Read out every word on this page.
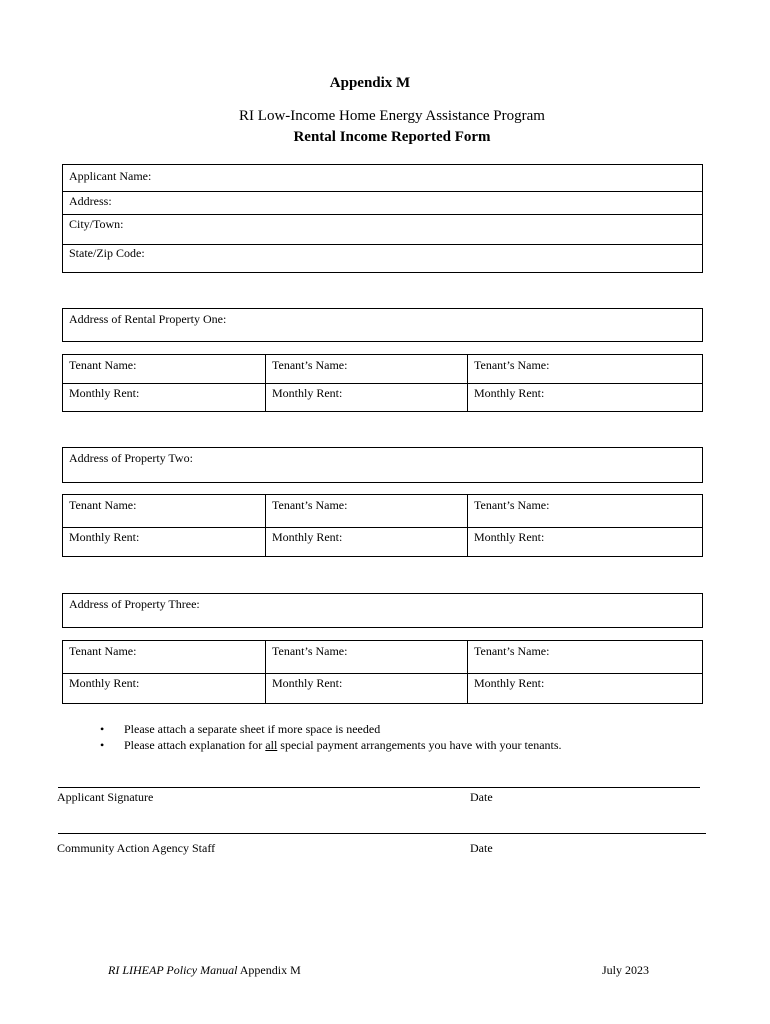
Appendix M
RI Low-Income Home Energy Assistance Program
Rental Income Reported Form
Applicant Name:
Address:
City/Town:
State/Zip Code:
Address of Rental Property One:
Tenant Name:	Tenant’s Name:	Tenant’s Name:
Monthly Rent:	Monthly Rent:	Monthly Rent:
Address of Property Two:
Tenant Name:	Tenant’s Name:	Tenant’s Name:
Monthly Rent:	Monthly Rent:	Monthly Rent:
Address of Property Three:
Tenant Name:	Tenant’s Name:	Tenant’s Name:
Monthly Rent:	Monthly Rent:	Monthly Rent:
• Please attach a separate sheet if more space is needed
• Please attach explanation for all special payment arrangements you have with your tenants.
Applicant Signature	Date
Community Action Agency Staff	Date
RI LIHEAP Policy Manual Appendix M	July 2023
